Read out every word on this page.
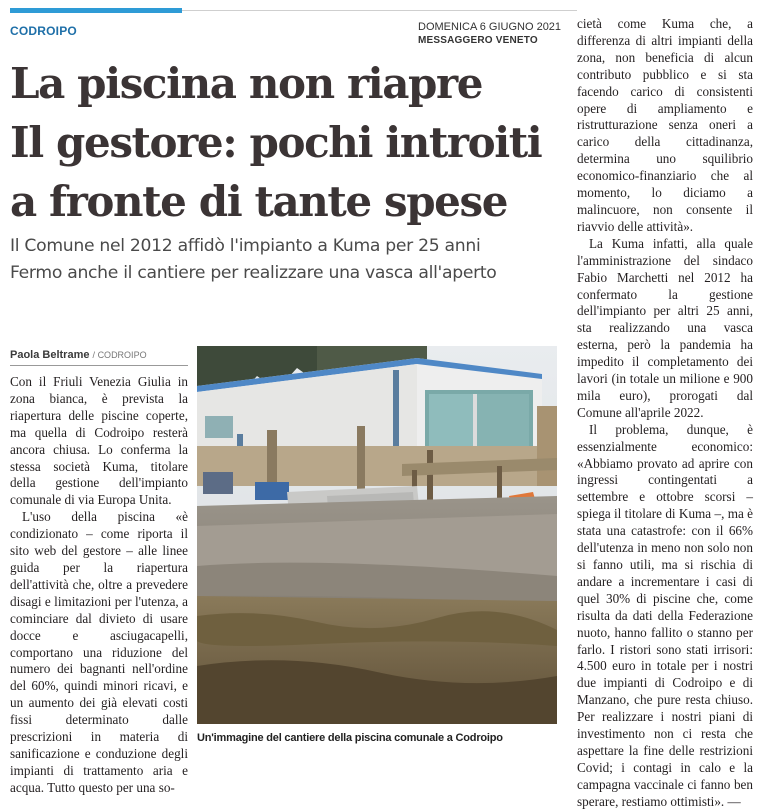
CODROIPO	DOMENICA 6 GIUGNO 2021
MESSAGGERO VENETO
La piscina non riapre
Il gestore: pochi introiti
a fronte di tante spese
Il Comune nel 2012 affidò l'impianto a Kuma per 25 anni
Fermo anche il cantiere per realizzare una vasca all'aperto
Paola Beltrame / CODROIPO

Con il Friuli Venezia Giulia in zona bianca, è prevista la riapertura delle piscine coperte, ma quella di Codroipo resterà ancora chiusa. Lo conferma la stessa società Kuma, titolare della gestione dell'impianto comunale di via Europa Unita.

L'uso della piscina «è condizionato – come riporta il sito web del gestore – alle linee guida per la riapertura dell'attività che, oltre a prevedere disagi e limitazioni per l'utenza, a cominciare dal divieto di usare docce e asciugacapelli, comportano una riduzione del numero dei bagnanti nell'ordine del 60%, quindi minori ricavi, e un aumento dei già elevati costi fissi determinato dalle prescrizioni in materia di sanificazione e conduzione degli impianti di trattamento aria e acqua. Tutto questo per una so-

Un'immagine del cantiere della piscina comunale a Codroipo

cietà come Kuma che, a differenza di altri impianti della zona, non beneficia di alcun contributo pubblico e si sta facendo carico di consistenti opere di ampliamento e ristrutturazione senza oneri a carico della cittadinanza, determina uno squilibrio economico-finanziario che al momento, lo diciamo a malincuore, non consente il riavvio delle attività».

La Kuma infatti, alla quale l'amministrazione del sindaco Fabio Marchetti nel 2012 ha confermato la gestione dell'impianto per altri 25 anni, sta realizzando una vasca esterna, però la pandemia ha impedito il completamento dei lavori (in totale un milione e 900 mila euro), prorogati dal Comune all'aprile 2022.

Il problema, dunque, è essenzialmente economico: «Abbiamo provato ad aprire con ingressi contingentati a settembre e ottobre scorsi – spiega il titolare di Kuma –, ma è stata una catastrofe: con il 66% dell'utenza in meno non solo non si fanno utili, ma si rischia di andare a incrementare i casi di quel 30% di piscine che, come risulta da dati della Federazione nuoto, hanno fallito o stanno per farlo. I ristori sono stati irrisori: 4.500 euro in totale per i nostri due impianti di Codroipo e di Manzano, che pure resta chiuso. Per realizzare i nostri piani di investimento non ci resta che aspettare la fine delle restrizioni Covid; i contagi in calo e la campagna vaccinale ci fanno ben sperare, restiamo ottimisti». —
